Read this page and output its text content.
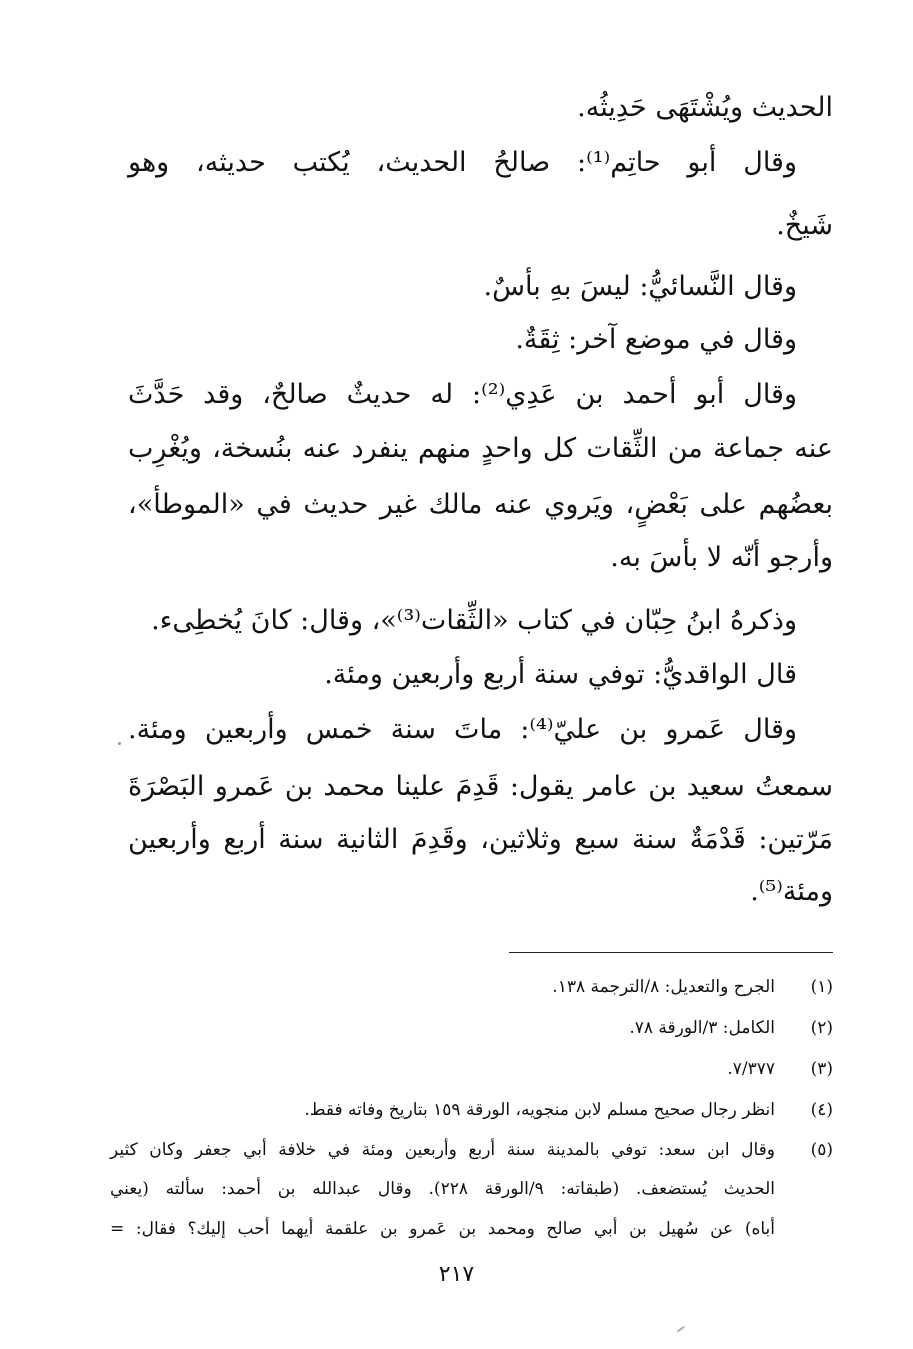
الحديث ويُشْتَهَى حَدِيثُه.
وقال أبو حاتِم⁽¹⁾: صالحُ الحديث، يُكتب حديثه، وهو
شَيخٌ.
وقال النَّسائيُّ: ليسَ بهِ بأسٌ.
وقال في موضع آخر: ثِقَةٌ.
وقال أبو أحمد بن عَدِي⁽²⁾: له حديثٌ صالحٌ، وقد حَدَّثَ
عنه جماعة من الثِّقات كل واحدٍ منهم ينفرد عنه بنُسخة، ويُغْرِب
بعضُهم على بَعْضٍ، ويَروي عنه مالك غير حديث في «الموطأ»،
وأرجو أنّه لا بأسَ به.
وذكرهُ ابنُ حِبّان في كتاب «الثِّقات⁽³⁾»، وقال: كانَ يُخطِىء.
قال الواقديُّ: توفي سنة أربع وأربعين ومئة.
وقال عَمرو بن عليّ⁽⁴⁾: ماتَ سنة خمس وأربعين ومئة.
سمعتُ سعيد بن عامر يقول: قَدِمَ علينا محمد بن عَمرو البَصْرَةَ
مَرّتين: قَدْمَةٌ سنة سبع وثلاثين، وقَدِمَ الثانية سنة أربع وأربعين
ومئة⁽⁵⁾.
(١)
الجرح والتعديل: ٨/الترجمة ١٣٨.
(٢)
الكامل: ٣/الورقة ٧٨.
(٣)
٧/٣٧٧.
(٤)
انظر رجال صحيح مسلم لابن منجويه، الورقة ١٥٩ بتاريخ وفاته فقط.
(٥)
وقال ابن سعد: توفي بالمدينة سنة أربع وأربعين ومئة في خلافة أبي جعفر وكان كثير
الحديث يُستضعف. (طبقاته: ٩/الورقة ٢٢٨). وقال عبدالله بن أحمد: سألته (يعني
أباه) عن سُهيل بن أبي صالح ومحمد بن عَمرو بن علقمة أيهما أحب إليك؟ فقال: =
٢١٧
